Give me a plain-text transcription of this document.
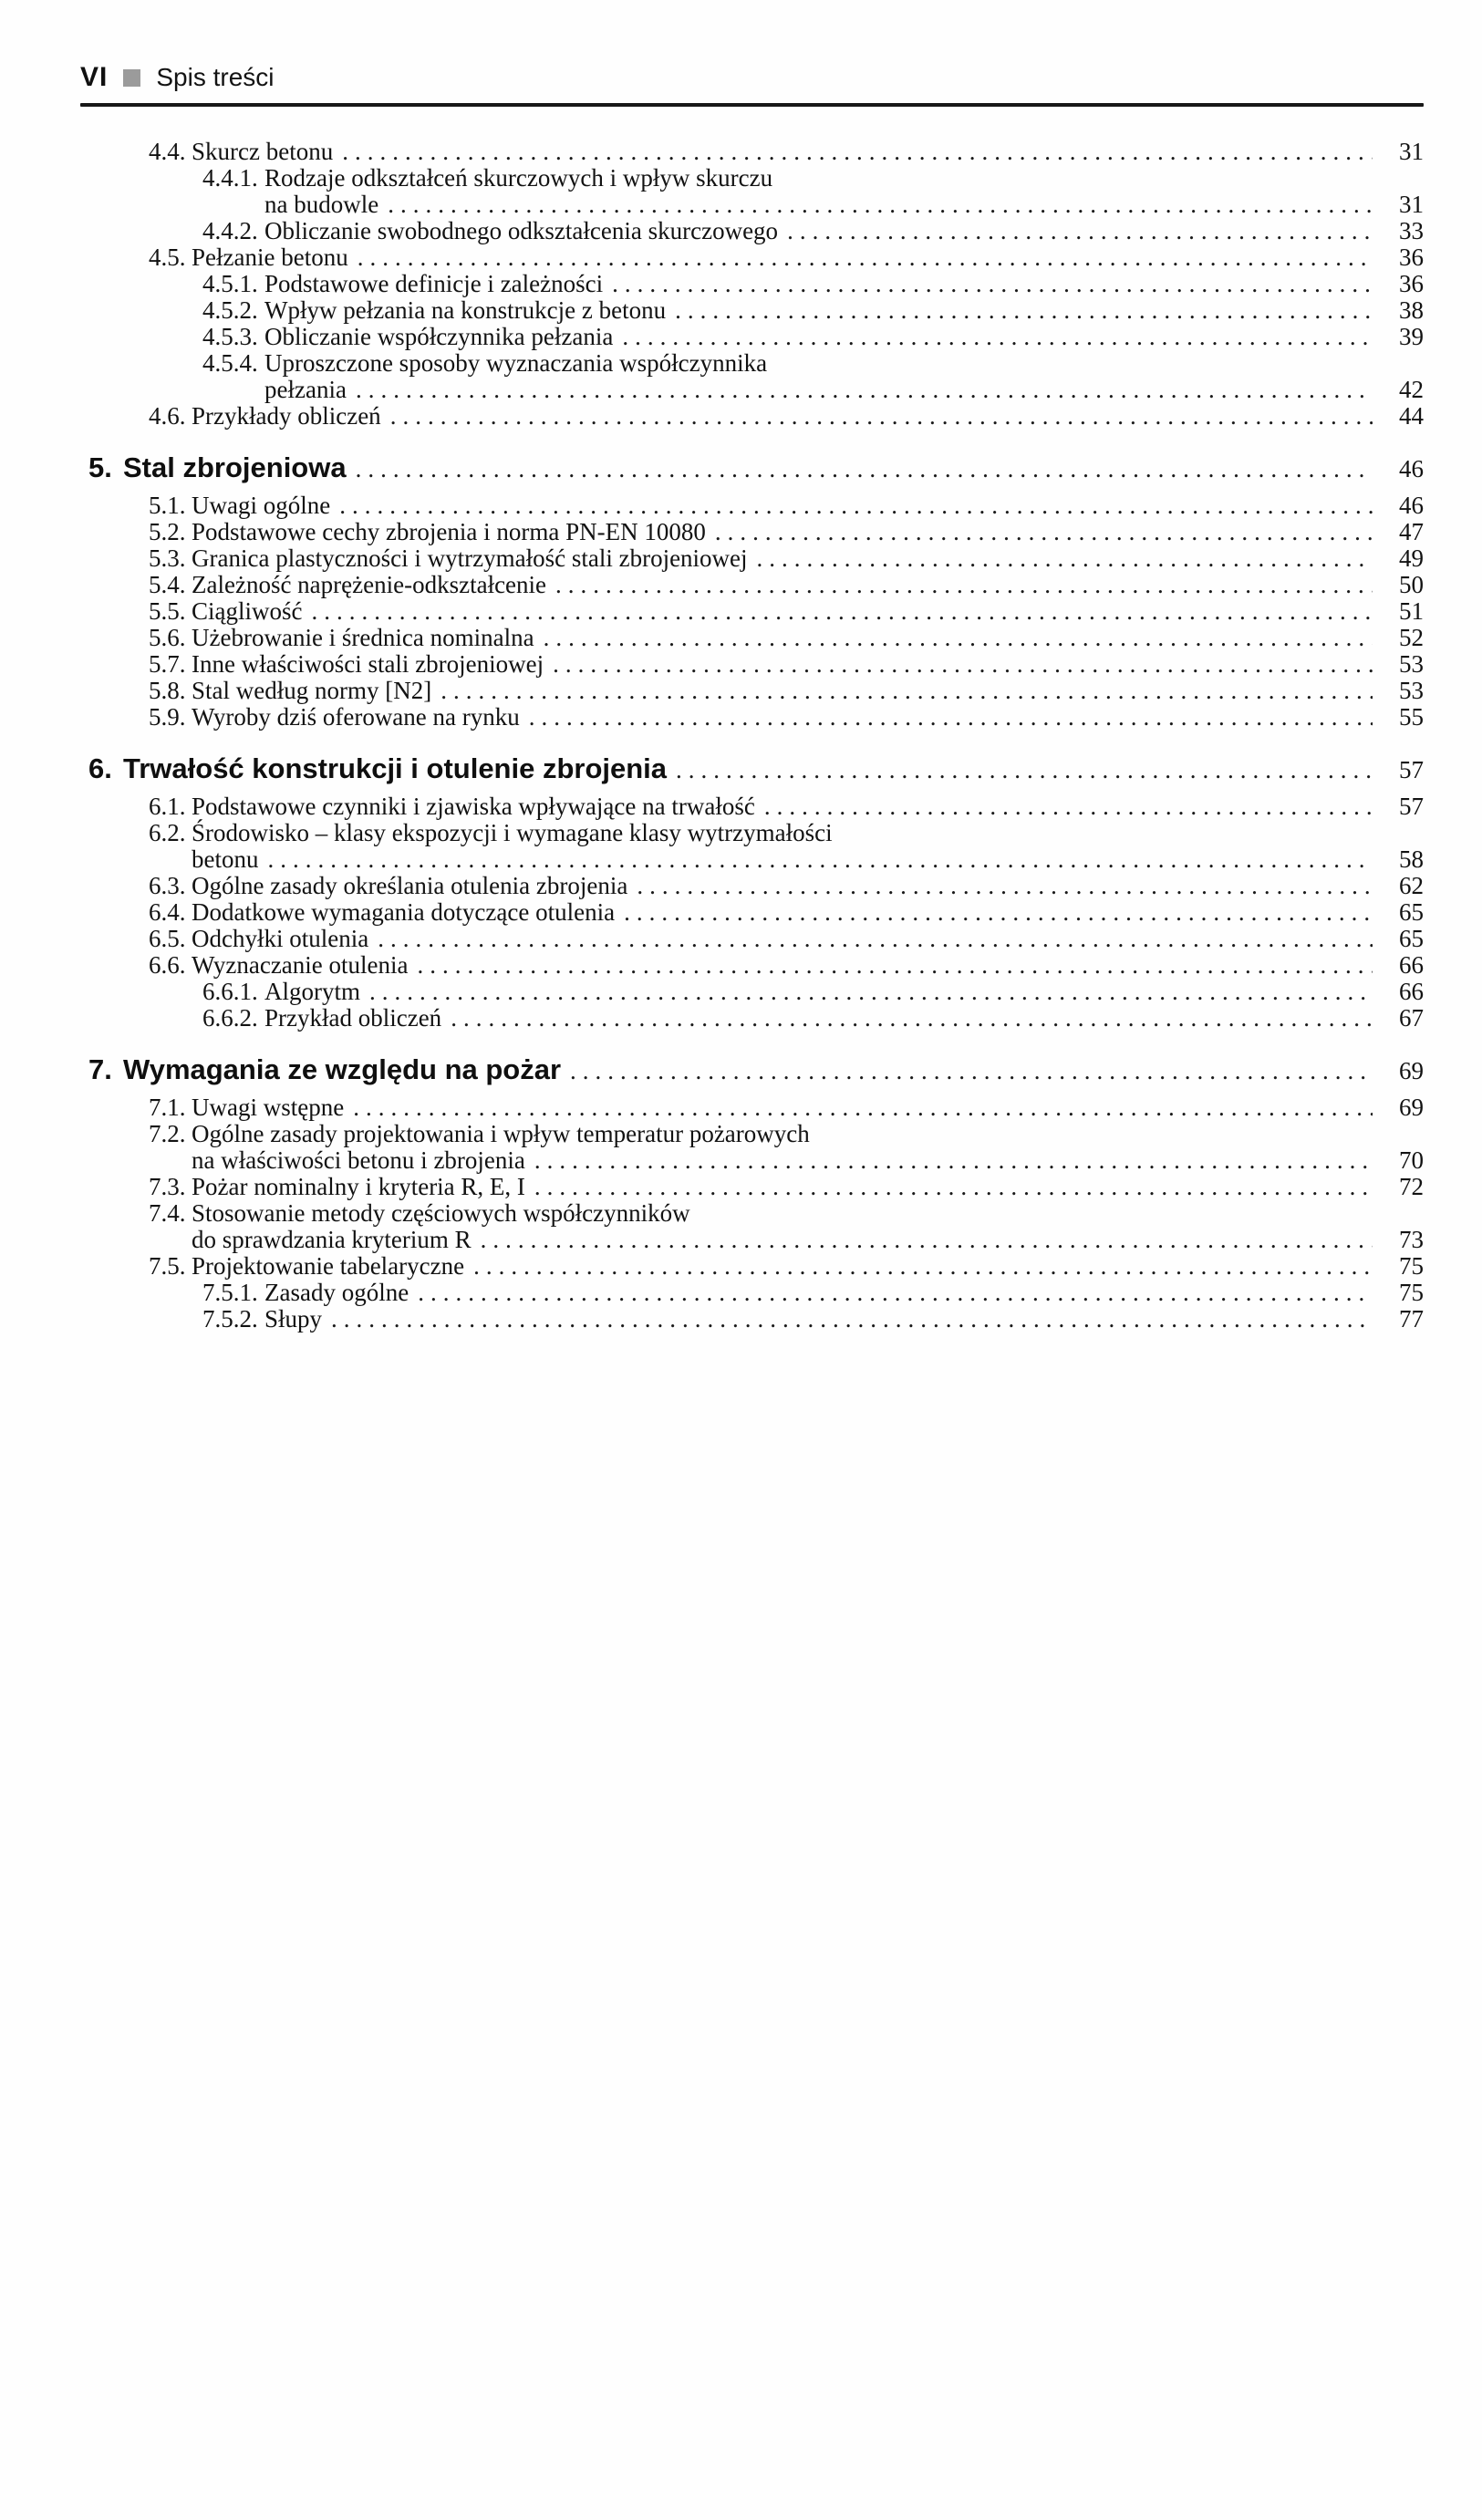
VI Spis treści
4.4. Skurcz betonu .....	31
4.4.1. Rodzaje odkształceń skurczowych i wpływ skurczu
na budowle .....	31
4.4.2. Obliczanie swobodnego odkształcenia skurczowego .....	33
4.5. Pełzanie betonu .....	36
4.5.1. Podstawowe definicje i zależności .....	36
4.5.2. Wpływ pełzania na konstrukcje z betonu .....	38
4.5.3. Obliczanie współczynnika pełzania .....	39
4.5.4. Uproszczone sposoby wyznaczania współczynnika
pełzania .....	42
4.6. Przykłady obliczeń .....	44
5. Stal zbrojeniowa .....	46
5.1. Uwagi ogólne .....	46
5.2. Podstawowe cechy zbrojenia i norma PN-EN 10080 .....	47
5.3. Granica plastyczności i wytrzymałość stali zbrojeniowej .....	49
5.4. Zależność naprężenie-odkształcenie .....	50
5.5. Ciągliwość .....	51
5.6. Użebrowanie i średnica nominalna .....	52
5.7. Inne właściwości stali zbrojeniowej .....	53
5.8. Stal według normy [N2] .....	53
5.9. Wyroby dziś oferowane na rynku .....	55
6. Trwałość konstrukcji i otulenie zbrojenia .....	57
6.1. Podstawowe czynniki i zjawiska wpływające na trwałość .....	57
6.2. Środowisko – klasy ekspozycji i wymagane klasy wytrzymałości
betonu .....	58
6.3. Ogólne zasady określania otulenia zbrojenia .....	62
6.4. Dodatkowe wymagania dotyczące otulenia .....	65
6.5. Odchyłki otulenia .....	65
6.6. Wyznaczanie otulenia .....	66
6.6.1. Algorytm .....	66
6.6.2. Przykład obliczeń .....	67
7. Wymagania ze względu na pożar .....	69
7.1. Uwagi wstępne .....	69
7.2. Ogólne zasady projektowania i wpływ temperatur pożarowych
na właściwości betonu i zbrojenia .....	70
7.3. Pożar nominalny i kryteria R, E, I .....	72
7.4. Stosowanie metody częściowych współczynników
do sprawdzania kryterium R .....	73
7.5. Projektowanie tabelaryczne .....	75
7.5.1. Zasady ogólne .....	75
7.5.2. Słupy .....	77
